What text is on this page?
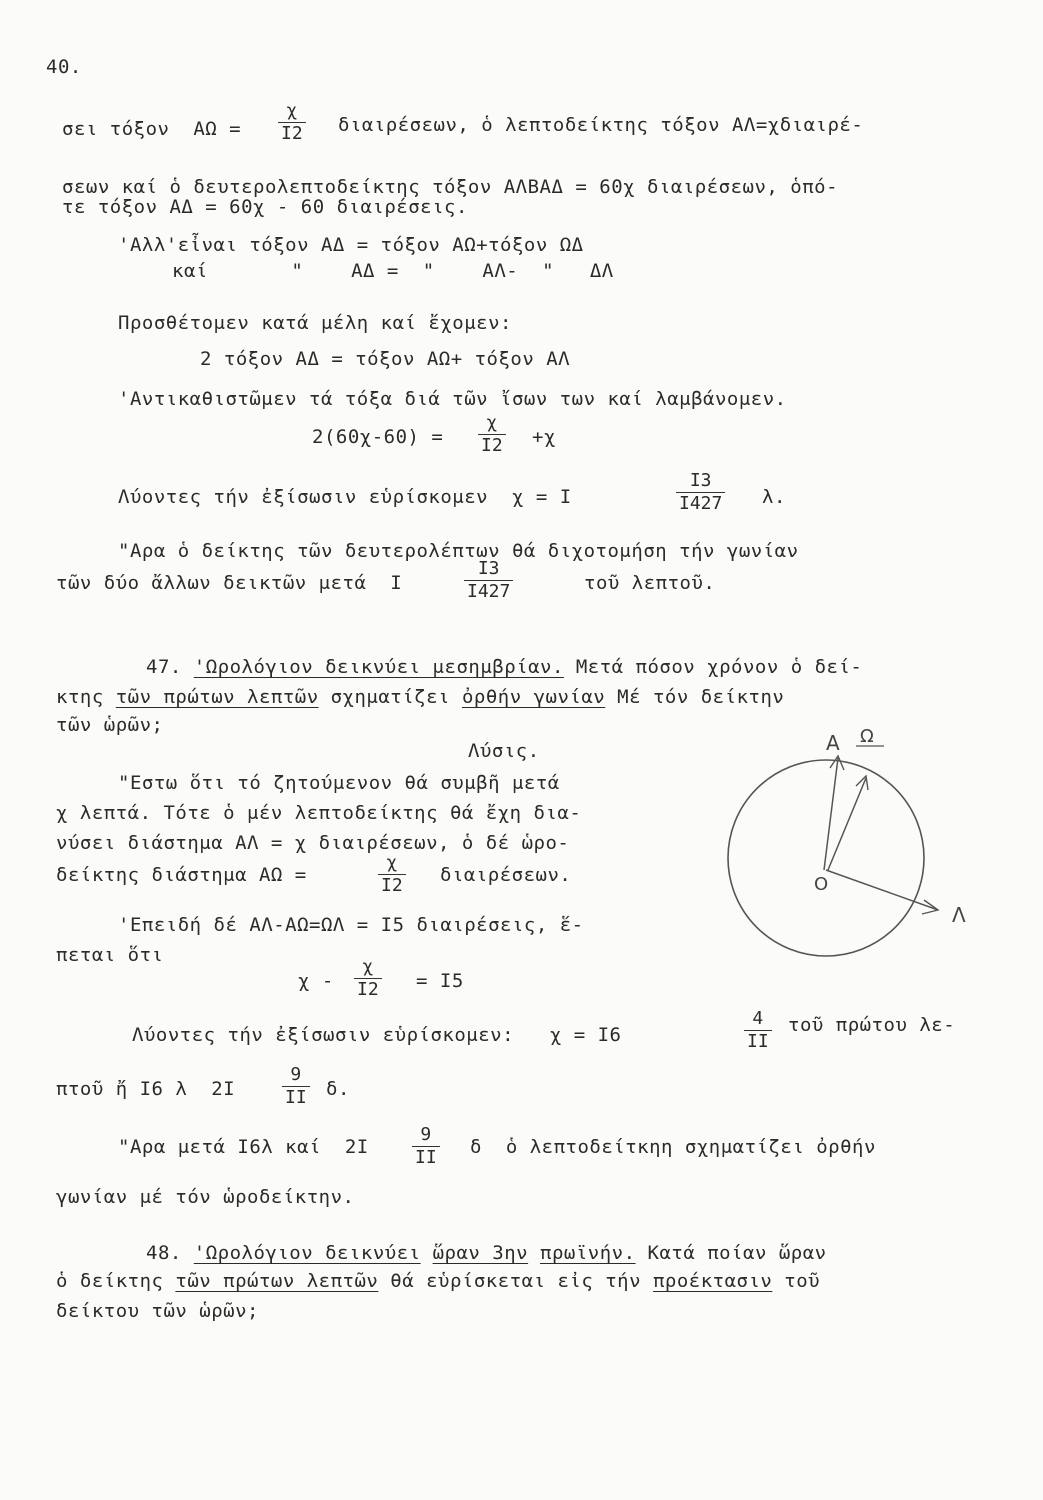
40.
σει τόξον  $A\Omega = \frac{\chi}{I2} \delta\iota\alpha\iota\rho έ\sigma\varepsilon\omega\nu$, ὁ λεπτοδείκτης τόξον ΑΛ=χδιαιρέ-
σεων καί ὁ δευτερολεπτοδείκτης τόξον ΑΛΒΑΔ = 60χ διαιρέσεων, ὁπό-
τε τόξον ΑΔ = 60χ - 60 διαιρέσεις.
'Αλλ'εἶναι τόξον ΑΔ = τόξον ΑΩ+τόξον ΩΔ
καί       "    ΑΔ =  "    ΑΛ-  "   ΔΛ
Προσθέτομεν κατά μέλη καί ἔχομεν:
2 τόξον ΑΔ = τόξον ΑΩ+ τόξον ΑΛ
'Αντικαθιστῶμεν τά τόξα διά τῶν ἴσων των καί λαμβάνομεν.
$2(60\chi-60) = \frac{\chi}{I2} +\chi$
Λύοντες τήν ἐξίσωσιν εὑρίσκομεν  χ = Ι	$\frac{I3}{I427} \lambda$.
"Αρα ὁ δείκτης τῶν δευτερολέπτων θά διχοτομήση τήν γωνίαν
τῶν δύο ἄλλων δεικτῶν μετά  Ι	$\frac{I3}{I427}$	τοῦ λεπτοῦ.
47. 'Ωρολόγιον δεικνύει μεσημβρίαν. Μετά πόσον χρόνον ὁ δεί-
κτης τῶν πρώτων λεπτῶν σχηματίζει ὀρθήν γωνίαν Μέ τόν δείκτην
τῶν ὡρῶν;
Λύσις.
"Εστω ὅτι τό ζητούμενον θά συμβῆ μετά
χ λεπτά. Τότε ὁ μέν λεπτοδείκτης θά ἔχη δια-
νύσει διάστημα ΑΛ = χ διαιρέσεων, ὁ δέ ὡρο-
δείκτης διάστημα ΑΩ =	$\frac{\chi}{I2} \delta\iota\alpha\iota\rho έ\sigma\varepsilon\omega\nu$.
'Επειδή δέ ΑΛ-ΑΩ=ΩΛ = Ι5 διαιρέσεις, ἕ-
πεται ὅτι
$\chi - \frac{\chi}{I2} = I5$
Λύοντες τήν ἐξίσωσιν εὑρίσκομεν:   χ = Ι6	$\frac{4}{II}$ τοῦ πρώτου λε-
πτοῦ ἤ Ι6 λ  2Ι	$\frac{9}{II} \delta$.
"Αρα μετά Ι6λ καί  $2I \frac{9}{II}$ δ  ὁ λεπτοδείτκηη σχηματίζει ὀρθήν
γωνίαν μέ τόν ὡροδείκτην.
48. 'Ωρολόγιον δεικνύει ὥραν 3ην πρωϊνήν. Κατά ποίαν ὥραν
ὁ δείκτης τῶν πρώτων λεπτῶν θά εὑρίσκεται εἰς τήν προέκτασιν τοῦ
δείκτου τῶν ὡρῶν;
Α Ω
Ο
Λ
